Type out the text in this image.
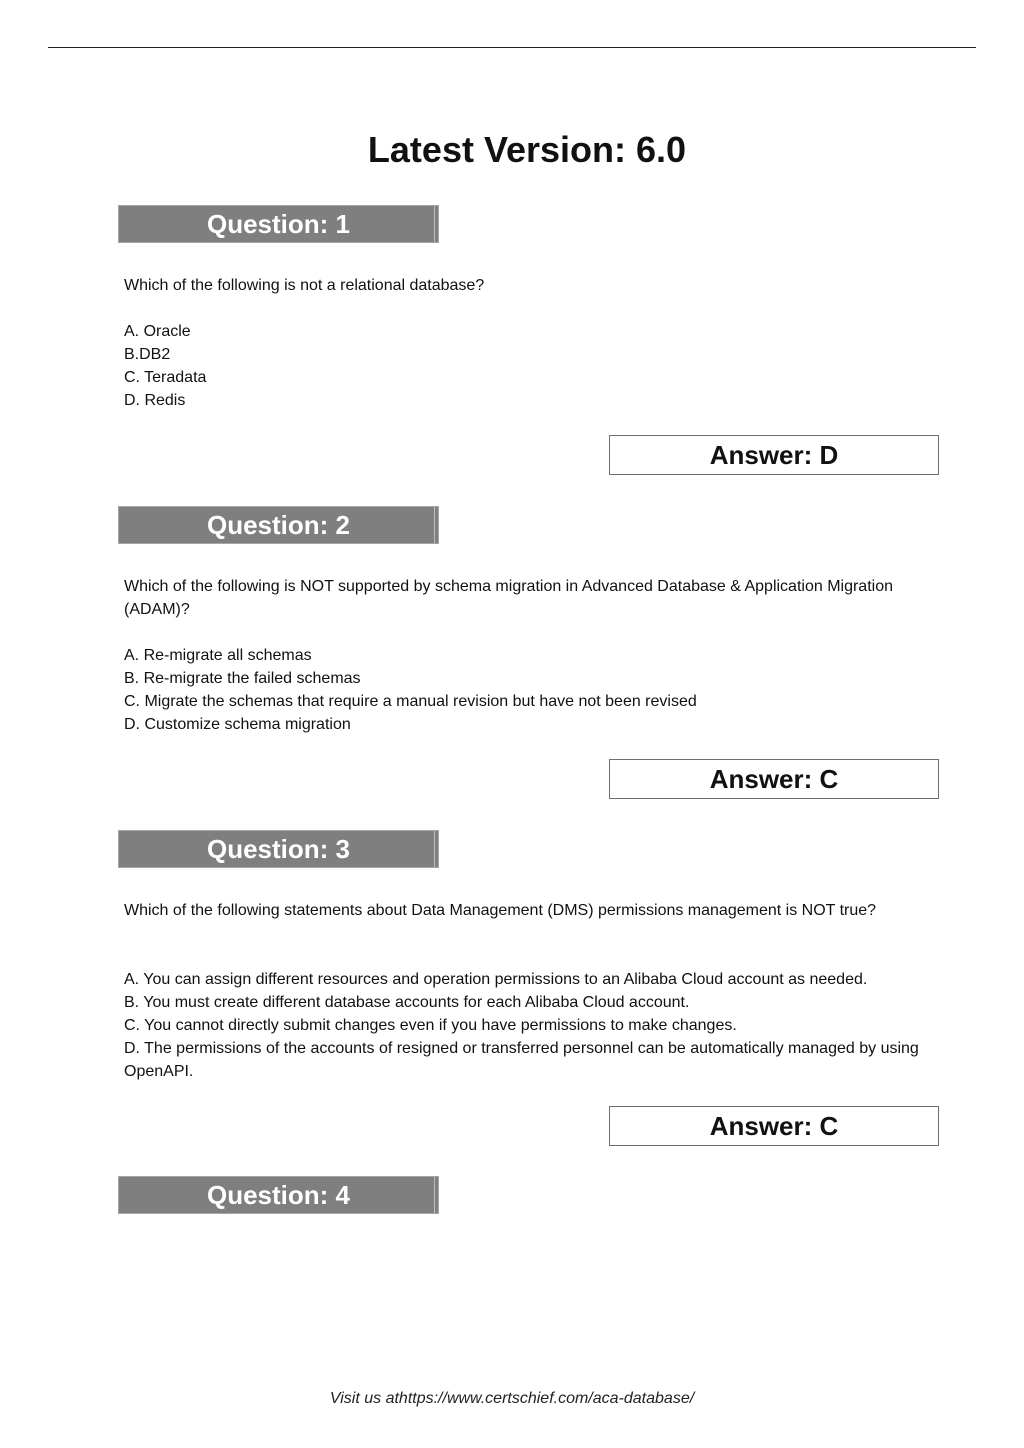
Latest Version: 6.0
Question: 1
Which of the following is not a relational database?
A. Oracle
B.DB2
C. Teradata
D. Redis
Answer: D
Question: 2
Which of the following is NOT supported by schema migration in Advanced Database & Application Migration (ADAM)?
A. Re-migrate all schemas
B. Re-migrate the failed schemas
C. Migrate the schemas that require a manual revision but have not been revised
D. Customize schema migration
Answer: C
Question: 3
Which of the following statements about Data Management (DMS) permissions management is NOT true?
A. You can assign different resources and operation permissions to an Alibaba Cloud account as needed.
B. You must create different database accounts for each Alibaba Cloud account.
C. You cannot directly submit changes even if you have permissions to make changes.
D. The permissions of the accounts of resigned or transferred personnel can be automatically managed by using OpenAPI.
Answer: C
Question: 4
Visit us athttps://www.certschief.com/aca-database/
